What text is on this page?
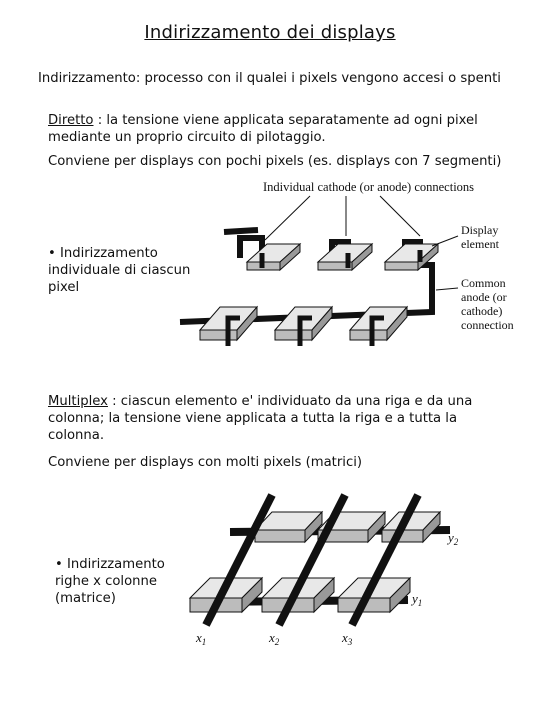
Indirizzamento dei displays
Indirizzamento: processo con il qualei i pixels vengono accesi o spenti
Diretto : la tensione viene applicata separatamente ad ogni pixel
mediante un proprio circuito di pilotaggio.
Conviene per displays con pochi pixels (es. displays con 7 segmenti)
• Indirizzamento
individuale di ciascun
pixel
Multiplex : ciascun elemento e' individuato da una riga e da una
colonna; la tensione viene applicata a tutta la riga e a tutta la
colonna.
Conviene per displays con molti pixels (matrici)
• Indirizzamento
righe x colonne
(matrice)
Individual cathode (or anode) connections
Display
element
Common
anode (or
cathode)
connection
$y_2$
$y_1$
$x_1$	$x_2$	$x_3$
